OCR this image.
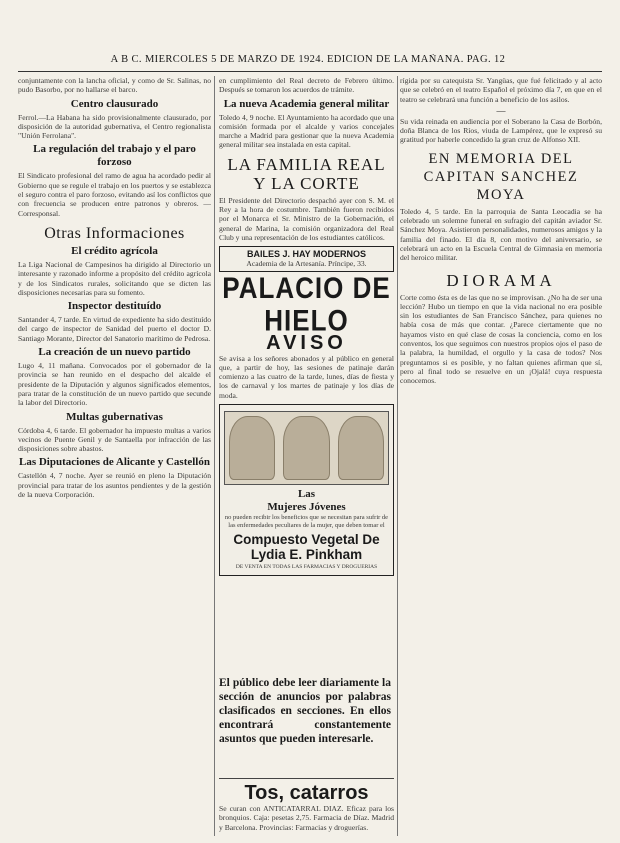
A B C. MIERCOLES 5 DE MARZO DE 1924. EDICION DE LA MAÑANA. PAG. 12

conjuntamente con la lancha oficial, y como de Sr. Salinas, no pudo Basorbo, por no hallarse el barco.

Centro clausurado

Ferrol.—La Habana ha sido provisionalmente clausurado, por disposición de la autoridad gubernativa, el Centro regionalista "Unión Ferrolana".

La regulación del trabajo y el paro forzoso

El Sindicato profesional del ramo de agua ha acordado pedir al Gobierno que se regule el trabajo en los puertos y se establezca el seguro contra el paro forzoso, evitando así los conflictos que con frecuencia se producen entre patronos y obreros. — Corresponsal.

Otras Informaciones
El crédito agrícola

La Liga Nacional de Campesinos ha dirigido al Directorio un interesante y razonado informe a propósito del crédito agrícola y de los Sindicatos rurales, solicitando que se dicten las disposiciones necesarias para su fomento.

Inspector destituído

Santander 4, 7 tarde. En virtud de expediente ha sido destituído del cargo de inspector de Sanidad del puerto el doctor D. Santiago Morante, Director del Sanatorio marítimo de Pedrosa.

La creación de un nuevo partido

Lugo 4, 11 mañana. Convocados por el gobernador de la provincia se han reunido en el despacho del alcalde el presidente de la Diputación y algunos significados elementos, para tratar de la constitución de un nuevo partido que secunde la labor del Directorio.

Multas gubernativas

Córdoba 4, 6 tarde. El gobernador ha impuesto multas a varios vecinos de Puente Genil y de Santaella por infracción de las disposiciones sobre abastos.

Las Diputaciones de Alicante y Castellón

Castellón 4, 7 noche. Ayer se reunió en pleno la Diputación provincial para tratar de los asuntos pendientes y de la gestión de la nueva Corporación.

en cumplimiento del Real decreto de Febrero último. Después se tomaron los acuerdos de trámite.

La nueva Academia general militar

Toledo 4, 9 noche. El Ayuntamiento ha acordado que una comisión formada por el alcalde y varios concejales marche a Madrid para gestionar que la nueva Academia general militar sea instalada en esta capital.

LA FAMILIA REAL Y LA CORTE

El Presidente del Directorio despachó ayer con S. M. el Rey a la hora de costumbre. También fueron recibidos por el Monarca el Sr. Ministro de la Gobernación, el general de Marina, la comisión organizadora del Real Club y una representación de los estudiantes católicos.

BAILES J. HAY MODERNOS
Academia de la Artesanía. Príncipe, 33.
PALACIO DE HIELO
AVISO

Se avisa a los señores abonados y al público en general que, a partir de hoy, las sesiones de patinaje darán comienzo a las cuatro de la tarde, lunes, días de fiesta y los de carnaval y los martes de patinaje y los días de moda.

Las
Mujeres Jóvenes

no pueden recibir los beneficios que se necesitan para sufrir de las enfermedades peculiares de la mujer, que deben tomar el

Compuesto Vegetal De Lydia E. Pinkham
DE VENTA EN TODAS LAS FARMACIAS Y DROGUERIAS
El público debe leer diariamente la sección de anuncios por palabras clasificados en secciones. En ellos encontrará constantemente asuntos que pueden interesarle.
Tos, catarros

Se curan con ANTICATARRAL DIAZ. Eficaz para los bronquios. Caja: pesetas 2,75. Farmacia de Díaz. Madrid y Barcelona. Provincias: Farmacias y droguerías.

rígida por su catequista Sr. Yangüas, que fué felicitado y al acto que se celebró en el teatro Español el próximo día 7, en que en el teatro se celebrará una función a beneficio de los asilos.

—

Su vida reinada en audiencia por el Soberano la Casa de Borbón, doña Blanca de los Ríos, viuda de Lampérez, que le expresó su gratitud por haberle concedido la gran cruz de Alfonso XII.

EN MEMORIA DEL CAPITAN SANCHEZ MOYA

Toledo 4, 5 tarde. En la parroquia de Santa Leocadia se ha celebrado un solemne funeral en sufragio del capitán aviador Sr. Sánchez Moya. Asistieron personalidades, numerosos amigos y la familia del finado. El día 8, con motivo del aniversario, se celebrará un acto en la Escuela Central de Gimnasia en memoria del heroico militar.

DIORAMA

Corte como ésta es de las que no se improvisan. ¿No ha de ser una lección? Hubo un tiempo en que la vida nacional no era posible sin los estudiantes de San Francisco Sánchez, para quienes no había cosa de más que contar. ¿Parece ciertamente que no hayamos visto en qué clase de cosas la conciencia, como en los conventos, los que seguimos con nuestros propios ojos el paso de la palabra, la humildad, el orgullo y la casa de todos? Nos preguntamos si es posible, y no faltan quienes afirman que sí, pero al final todo se resuelve en un ¡Ojalá! cuya respuesta conocemos.
